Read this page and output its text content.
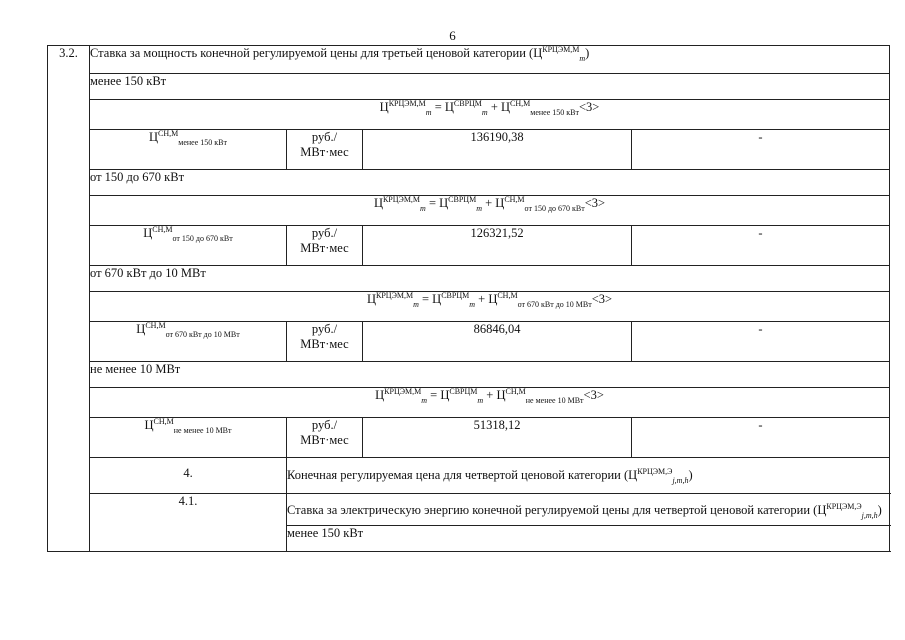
6
3.2.	Ставка за мощность конечной регулируемой цены для третьей ценовой категории $(Ц^{КРЦЭМ,М}_m)$			
	менее 150 кВт			
	$Ц^{КРЦЭМ,М}_m = Ц^{СВРЦМ}_m + Ц^{СН,М}_{менее 150 кВт}<3>$			
	$Ц^{СН,М}_{менее 150 кВт}$	руб./
МВт·мес	136190,38	-
	от 150 до 670 кВт			
	$Ц^{КРЦЭМ,М}_m = Ц^{СВРЦМ}_m + Ц^{СН,М}_{от 150 до 670 кВт}<3>$			
	$Ц^{СН,М}_{от 150 до 670 кВт}$	руб./
МВт·мес	126321,52	-
	от 670 кВт до 10 МВт			
	$Ц^{КРЦЭМ,М}_m = Ц^{СВРЦМ}_m + Ц^{СН,М}_{от 670 кВт до 10 МВт}<3>$			
	$Ц^{СН,М}_{от 670 кВт до 10 МВт}$	руб./
МВт·мес	86846,04	-
	не менее 10 МВт			
	$Ц^{КРЦЭМ,М}_m = Ц^{СВРЦМ}_m + Ц^{СН,М}_{не менее 10 МВт}<3>$			
	$Ц^{СН,М}_{не менее 10 МВт}$	руб./
МВт·мес	51318,12	-
	4.	Конечная регулируемая цена для четвертой ценовой категории $(Ц^{КРЦЭМ,Э}_{j,m,h})$		
	4.1.	Ставка за электрическую энергию конечной регулируемой цены для четвертой ценовой категории $(Ц^{КРЦЭМ,Э}_{j,m,h})$		
		менее 150 кВт		
